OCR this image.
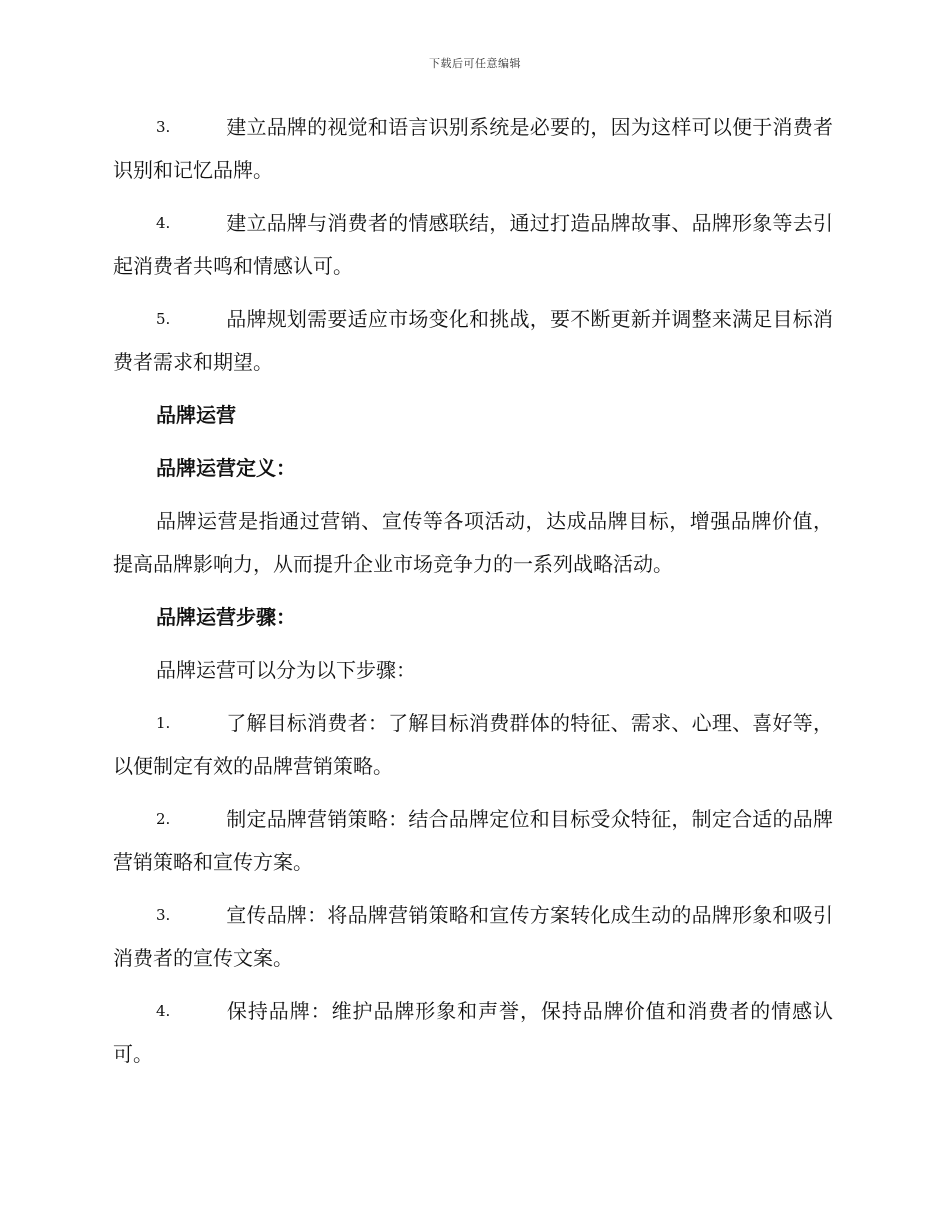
下载后可任意编辑

3.	建立品牌的视觉和语言识别系统是必要的，因为这样可以便于消费者识别和记忆品牌。

4.	建立品牌与消费者的情感联结，通过打造品牌故事、品牌形象等去引起消费者共鸣和情感认可。

5.	品牌规划需要适应市场变化和挑战，要不断更新并调整来满足目标消费者需求和期望。

品牌运营

品牌运营定义：

品牌运营是指通过营销、宣传等各项活动，达成品牌目标，增强品牌价值，提高品牌影响力，从而提升企业市场竞争力的一系列战略活动。

品牌运营步骤：

品牌运营可以分为以下步骤：

1.	了解目标消费者：了解目标消费群体的特征、需求、心理、喜好等，以便制定有效的品牌营销策略。

2.	制定品牌营销策略：结合品牌定位和目标受众特征，制定合适的品牌营销策略和宣传方案。

3.	宣传品牌：将品牌营销策略和宣传方案转化成生动的品牌形象和吸引消费者的宣传文案。

4.	保持品牌：维护品牌形象和声誉，保持品牌价值和消费者的情感认可。
